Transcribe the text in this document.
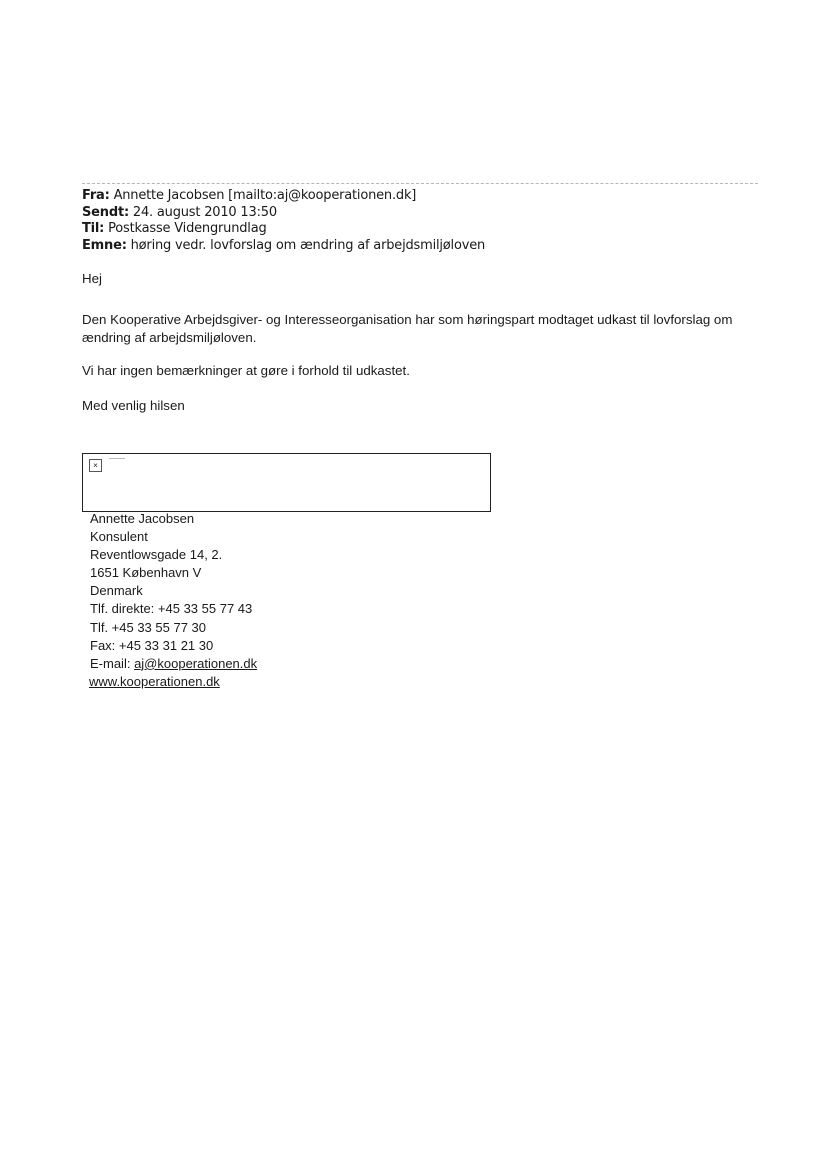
Fra: Annette Jacobsen [mailto:aj@kooperationen.dk]
Sendt: 24. august 2010 13:50
Til: Postkasse Videngrundlag
Emne: høring vedr. lovforslag om ændring af arbejdsmiljøloven
Hej
Den Kooperative Arbejdsgiver- og Interesseorganisation har som høringspart modtaget udkast til lovforslag om ændring af arbejdsmiljøloven.
Vi har ingen bemærkninger at gøre i forhold til udkastet.
Med venlig hilsen
×
Annette Jacobsen
Konsulent
Reventlowsgade 14, 2.
1651 København V
Denmark
Tlf. direkte: +45 33 55 77 43
Tlf. +45 33 55 77 30
Fax: +45 33 31 21 30
E-mail: aj@kooperationen.dk
www.kooperationen.dk
